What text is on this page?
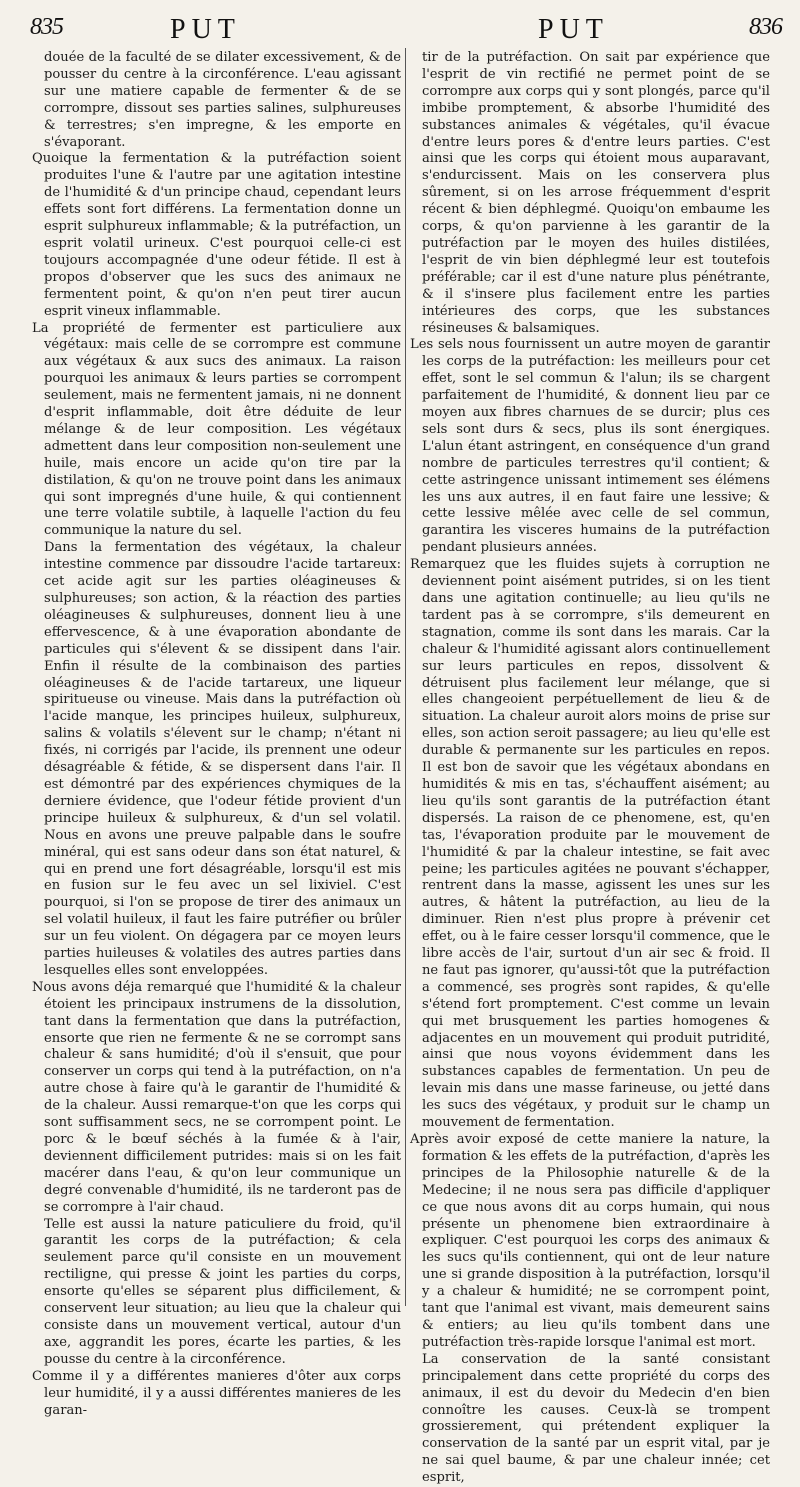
835	PUT	PUT	836

douée de la faculté de se dilater excessivement, & de pousser du centre à la circonférence. L'eau agissant sur une matiere capable de fermenter & de se corrompre, dissout ses parties salines, sulphureuses & terrestres; s'en impregne, & les emporte en s'évaporant.

Quoique la fermentation & la putréfaction soient produites l'une & l'autre par une agitation intestine de l'humidité & d'un principe chaud, cependant leurs effets sont fort différens. La fermentation donne un esprit sulphureux inflammable; & la putréfaction, un esprit volatil urineux. C'est pourquoi celle-ci est toujours accompagnée d'une odeur fétide. Il est à propos d'observer que les sucs des animaux ne fermentent point, & qu'on n'en peut tirer aucun esprit vineux inflammable.

La propriété de fermenter est particuliere aux végétaux: mais celle de se corrompre est commune aux végétaux & aux sucs des animaux. La raison pourquoi les animaux & leurs parties se corrompent seulement, mais ne fermentent jamais, ni ne donnent d'esprit inflammable, doit être déduite de leur mélange & de leur composition. Les végétaux admettent dans leur composition non-seulement une huile, mais encore un acide qu'on tire par la distilation, & qu'on ne trouve point dans les animaux qui sont impregnés d'une huile, & qui contiennent une terre volatile subtile, à laquelle l'action du feu communique la nature du sel.

Dans la fermentation des végétaux, la chaleur intestine commence par dissoudre l'acide tartareux: cet acide agit sur les parties oléagineuses & sulphureuses; son action, & la réaction des parties oléagineuses & sulphureuses, donnent lieu à une effervescence, & à une évaporation abondante de particules qui s'élevent & se dissipent dans l'air. Enfin il résulte de la combinaison des parties oléagineuses & de l'acide tartareux, une liqueur spiritueuse ou vineuse. Mais dans la putréfaction où l'acide manque, les principes huileux, sulphureux, salins & volatils s'élevent sur le champ; n'étant ni fixés, ni corrigés par l'acide, ils prennent une odeur désagréable & fétide, & se dispersent dans l'air. Il est démontré par des expériences chymiques de la derniere évidence, que l'odeur fétide provient d'un principe huileux & sulphureux, & d'un sel volatil. Nous en avons une preuve palpable dans le soufre minéral, qui est sans odeur dans son état naturel, & qui en prend une fort désagréable, lorsqu'il est mis en fusion sur le feu avec un sel lixiviel. C'est pourquoi, si l'on se propose de tirer des animaux un sel volatil huileux, il faut les faire putréfier ou brûler sur un feu violent. On dégagera par ce moyen leurs parties huileuses & volatiles des autres parties dans lesquelles elles sont enveloppées.

Nous avons déja remarqué que l'humidité & la chaleur étoient les principaux instrumens de la dissolution, tant dans la fermentation que dans la putréfaction, ensorte que rien ne fermente & ne se corrompt sans chaleur & sans humidité; d'où il s'ensuit, que pour conserver un corps qui tend à la putréfaction, on n'a autre chose à faire qu'à le garantir de l'humidité & de la chaleur. Aussi remarque-t'on que les corps qui sont suffisamment secs, ne se corrompent point. Le porc & le bœuf séchés à la fumée & à l'air, deviennent difficilement putrides: mais si on les fait macérer dans l'eau, & qu'on leur communique un degré convenable d'humidité, ils ne tarderont pas de se corrompre à l'air chaud.

Telle est aussi la nature paticuliere du froid, qu'il garantit les corps de la putréfaction; & cela seulement parce qu'il consiste en un mouvement rectiligne, qui presse & joint les parties du corps, ensorte qu'elles se séparent plus difficilement, & conservent leur situation; au lieu que la chaleur qui consiste dans un mouvement vertical, autour d'un axe, aggrandit les pores, écarte les parties, & les pousse du centre à la circonférence.

Comme il y a différentes manieres d'ôter aux corps leur humidité, il y a aussi différentes manieres de les garan-

tir de la putréfaction. On sait par expérience que l'esprit de vin rectifié ne permet point de se corrompre aux corps qui y sont plongés, parce qu'il imbibe promptement, & absorbe l'humidité des substances animales & végétales, qu'il évacue d'entre leurs pores & d'entre leurs parties. C'est ainsi que les corps qui étoient mous auparavant, s'endurcissent. Mais on les conservera plus sûrement, si on les arrose fréquemment d'esprit récent & bien déphlegmé. Quoiqu'on embaume les corps, & qu'on parvienne à les garantir de la putréfaction par le moyen des huiles distilées, l'esprit de vin bien déphlegmé leur est toutefois préférable; car il est d'une nature plus pénétrante, & il s'insere plus facilement entre les parties intérieures des corps, que les substances résineuses & balsamiques.

Les sels nous fournissent un autre moyen de garantir les corps de la putréfaction: les meilleurs pour cet effet, sont le sel commun & l'alun; ils se chargent parfaitement de l'humidité, & donnent lieu par ce moyen aux fibres charnues de se durcir; plus ces sels sont durs & secs, plus ils sont énergiques. L'alun étant astringent, en conséquence d'un grand nombre de particules terrestres qu'il contient; & cette astringence unissant intimement ses élémens les uns aux autres, il en faut faire une lessive; & cette lessive mêlée avec celle de sel commun, garantira les visceres humains de la putréfaction pendant plusieurs années.

Remarquez que les fluides sujets à corruption ne deviennent point aisément putrides, si on les tient dans une agitation continuelle; au lieu qu'ils ne tardent pas à se corrompre, s'ils demeurent en stagnation, comme ils sont dans les marais. Car la chaleur & l'humidité agissant alors continuellement sur leurs particules en repos, dissolvent & détruisent plus facilement leur mélange, que si elles changeoient perpétuellement de lieu & de situation. La chaleur auroit alors moins de prise sur elles, son action seroit passagere; au lieu qu'elle est durable & permanente sur les particules en repos. Il est bon de savoir que les végétaux abondans en humidités & mis en tas, s'échauffent aisément; au lieu qu'ils sont garantis de la putréfaction étant dispersés. La raison de ce phenomene, est, qu'en tas, l'évaporation produite par le mouvement de l'humidité & par la chaleur intestine, se fait avec peine; les particules agitées ne pouvant s'échapper, rentrent dans la masse, agissent les unes sur les autres, & hâtent la putréfaction, au lieu de la diminuer. Rien n'est plus propre à prévenir cet effet, ou à le faire cesser lorsqu'il commence, que le libre accès de l'air, surtout d'un air sec & froid. Il ne faut pas ignorer, qu'aussi-tôt que la putréfaction a commencé, ses progrès sont rapides, & qu'elle s'étend fort promptement. C'est comme un levain qui met brusquement les parties homogenes & adjacentes en un mouvement qui produit putridité, ainsi que nous voyons évidemment dans les substances capables de fermentation. Un peu de levain mis dans une masse farineuse, ou jetté dans les sucs des végétaux, y produit sur le champ un mouvement de fermentation.

Après avoir exposé de cette maniere la nature, la formation & les effets de la putréfaction, d'après les principes de la Philosophie naturelle & de la Medecine; il ne nous sera pas difficile d'appliquer ce que nous avons dit au corps humain, qui nous présente un phenomene bien extraordinaire à expliquer. C'est pourquoi les corps des animaux & les sucs qu'ils contiennent, qui ont de leur nature une si grande disposition à la putréfaction, lorsqu'il y a chaleur & humidité; ne se corrompent point, tant que l'animal est vivant, mais demeurent sains & entiers; au lieu qu'ils tombent dans une putréfaction très-rapide lorsque l'animal est mort.

La conservation de la santé consistant principalement dans cette propriété du corps des animaux, il est du devoir du Medecin d'en bien connoître les causes. Ceux-là se trompent grossierement, qui prétendent expliquer la conservation de la santé par un esprit vital, par je ne sai quel baume, & par une chaleur innée; cet esprit,
